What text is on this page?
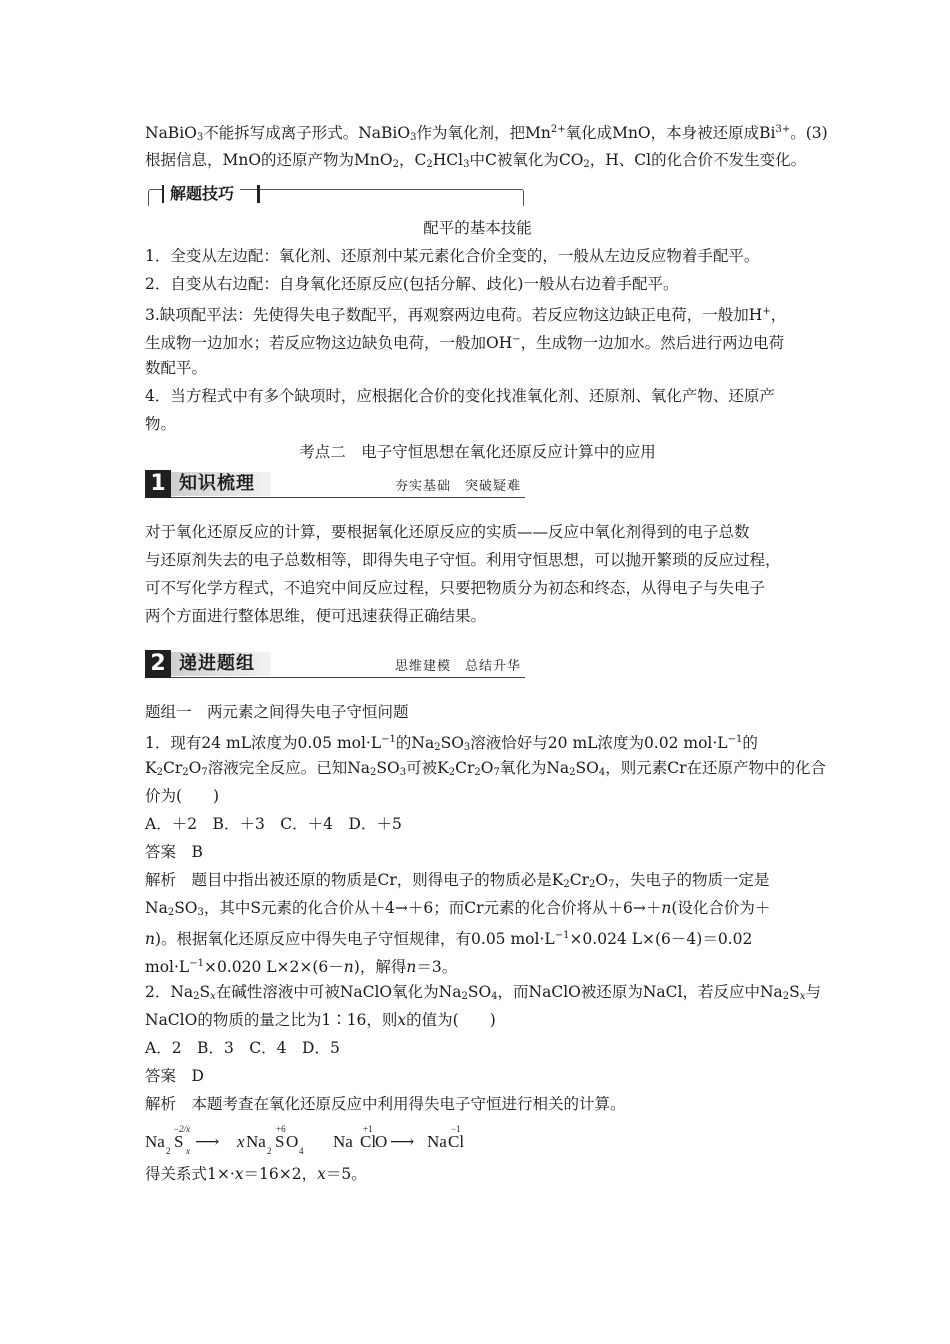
NaBiO$_3$不能拆写成离子形式。NaBiO$_3$作为氧化剂，把$Mn^{2+}$氧化成MnO，本身被还原成$Bi^{3+}$。(3)
根据信息，MnO的还原产物为MnO$_2$，$C_2HCl_3$中C被氧化为$CO_2$，H、Cl的化合价不发生变化。
解题技巧
配平的基本技能
1．全变从左边配：氧化剂、还原剂中某元素化合价全变的，一般从左边反应物着手配平。
2．自变从右边配：自身氧化还原反应(包括分解、歧化)一般从右边着手配平。
3.缺项配平法：先使得失电子数配平，再观察两边电荷。若反应物这边缺正电荷，一般加H+，
生成物一边加水；若反应物这边缺负电荷，一般加OH−，生成物一边加水。然后进行两边电荷
数配平。
4．当方程式中有多个缺项时，应根据化合价的变化找准氧化剂、还原剂、氧化产物、还原产
物。
考点二　电子守恒思想在氧化还原反应计算中的应用
1 知识梳理	夯实基础　突破疑难
对于氧化还原反应的计算，要根据氧化还原反应的实质——反应中氧化剂得到的电子总数
与还原剂失去的电子总数相等，即得失电子守恒。利用守恒思想，可以抛开繁琐的反应过程，
可不写化学方程式，不追究中间反应过程，只要把物质分为初态和终态，从得电子与失电子
两个方面进行整体思维，便可迅速获得正确结果。
2 递进题组	思维建模　总结升华
题组一　两元素之间得失电子守恒问题
1．现有24 mL浓度为0.05 $mol\cdot L^{-1}$的$Na_2SO_3$溶液恰好与20 mL浓度为0.02 $mol\cdot L^{-1}$的
$K_2Cr_2O_7$溶液完全反应。已知$Na_2SO_3$可被$K_2Cr_2O_7$氧化为$Na_2SO_4$，则元素Cr在还原产物中的化合
价为(　　)
A．＋2　B．＋3　C．＋4　D．＋5
答案　B
解析　题目中指出被还原的物质是Cr，则得电子的物质必是$K_2Cr_2O_7$，失电子的物质一定是
$Na_2SO_3$，其中S元素的化合价从＋4→＋6；而Cr元素的化合价将从＋6→＋n(设化合价为＋
n)。根据氧化还原反应中得失电子守恒规律，有0.05 $mol\cdot L^{-1}\times 0.024$ L×(6－4)＝0.02
$mol\cdot L^{-1}\times 0.020$ L×2×(6－n)，解得n＝3。
2．$Na_2S_x$在碱性溶液中可被NaClO氧化为$Na_2SO_4$，而NaClO被还原为NaCl，若反应中$Na_2S_x$与
NaClO的物质的量之比为1∶16，则x的值为(　　)
A．2　B．3　C．4　D．5
答案　D
解析　本题考查在氧化还原反应中利用得失电子守恒进行相关的计算。
Na 2 S
−2/x
x ⟶ x Na 2 S
+6
O 4 Na Cl
+1
O ⟶ Na Cl
−1
得关系式1×·x＝16×2，x＝5。
